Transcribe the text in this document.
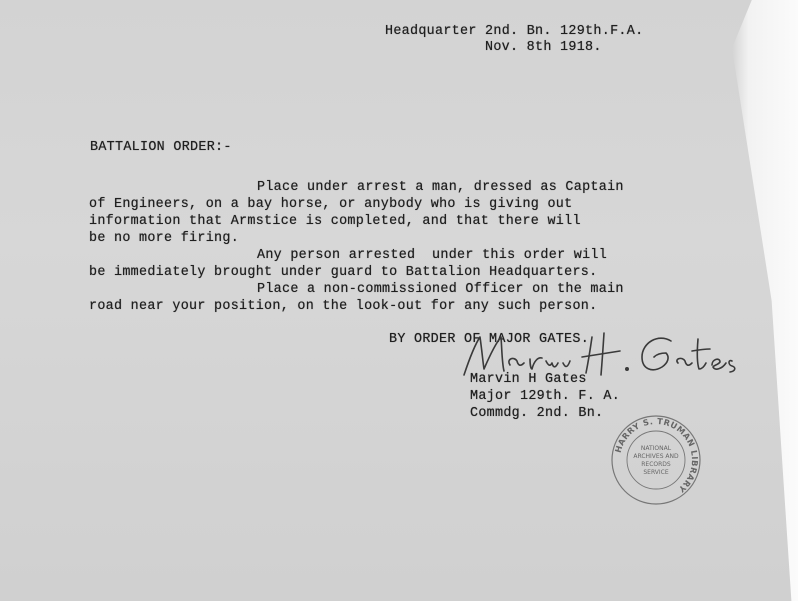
Headquarter 2nd. Bn. 129th.F.A.

Nov. 8th 1918.

BATTALION ORDER:-

Place under arrest a man, dressed as Captain

of Engineers, on a bay horse, or anybody who is giving out

information that Armstice is completed, and that there will

be no more firing.

Any person arrested  under this order will

be immediately brought under guard to Battalion Headquarters.

Place a non-commissioned Officer on the main

road near your position, on the look-out for any such person.

BY ORDER OF MAJOR GATES.

Marvin H Gates

Major 129th. F. A.

Commdg. 2nd. Bn.

HARRY S. TRUMAN LIBRARY
NATIONAL
ARCHIVES AND
RECORDS
SERVICE
